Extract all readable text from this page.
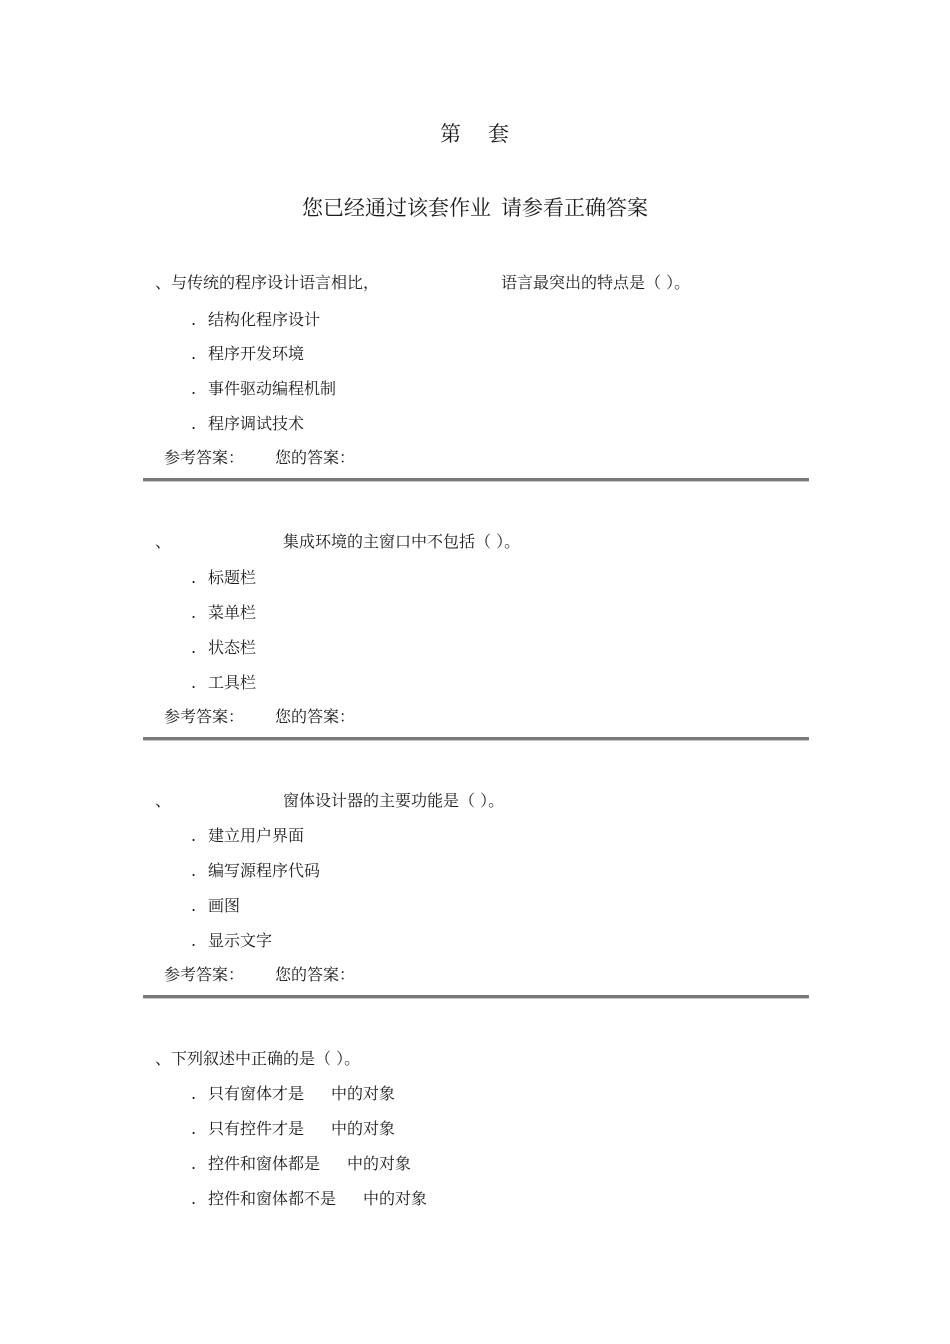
第 套
您已经通过该套作业 请参看正确答案
、与传统的程序设计语言相比，	语言最突出的特点是（ ）。
. 结构化程序设计
. 程序开发环境
. 事件驱动编程机制
. 程序调试技术
参考答案： 您的答案：
、	集成环境的主窗口中不包括（ ）。
. 标题栏
. 菜单栏
. 状态栏
. 工具栏
参考答案： 您的答案：
、	窗体设计器的主要功能是（ ）。
. 建立用户界面
. 编写源程序代码
. 画图
. 显示文字
参考答案： 您的答案：
、下列叙述中正确的是（ ）。
. 只有窗体才是 中的对象
. 只有控件才是 中的对象
. 控件和窗体都是 中的对象
. 控件和窗体都不是 中的对象
